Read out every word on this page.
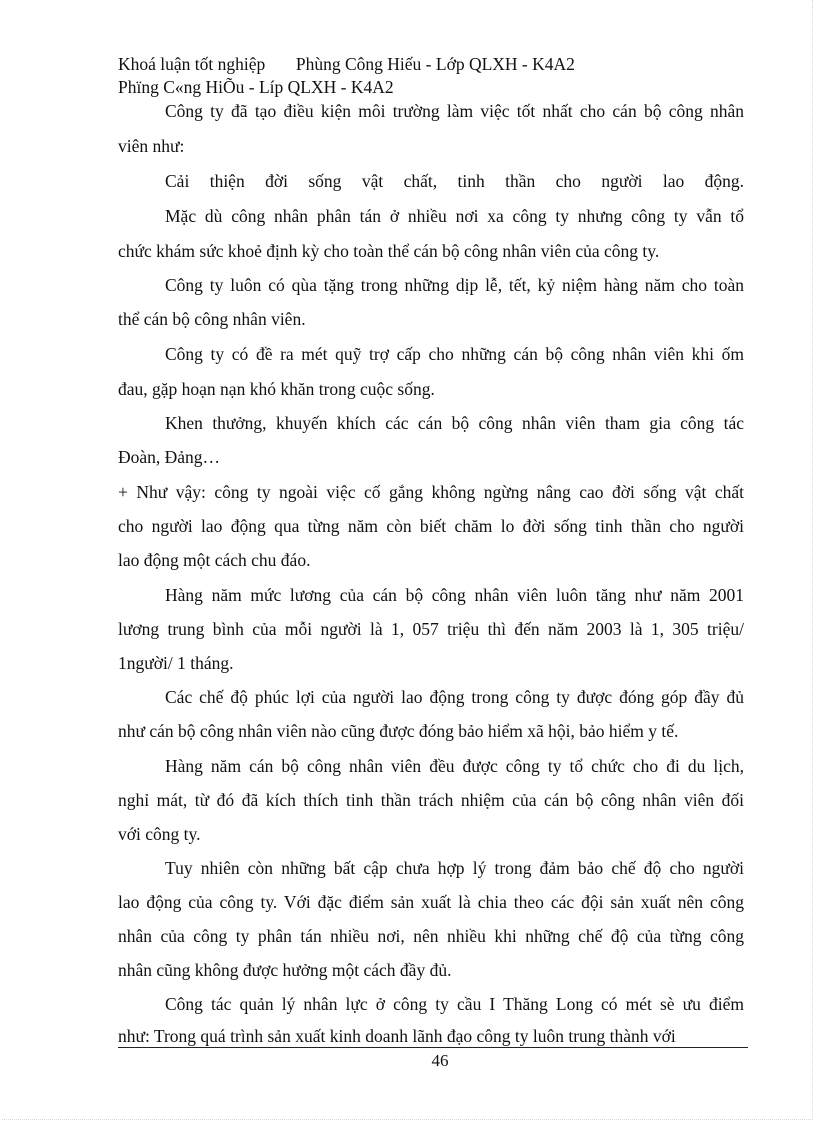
Khoá luận tốt nghiệp       Phùng Công Hiếu - Lớp QLXH - K4A2
Phïng C«ng HiÕu - Líp QLXH - K4A2
Công ty đã tạo điều kiện môi trường làm việc tốt nhất cho cán bộ công nhân
viên như:
Cải thiện đời sống vật chất, tinh thần cho người lao động.
Mặc dù công nhân phân tán ở nhiều nơi xa công ty nhưng công ty vẫn tổ
chức khám sức khoẻ định kỳ cho toàn thể cán bộ công nhân viên của công ty.
Công ty luôn có qùa tặng trong những dịp lễ, tết, kỷ niệm hàng năm cho toàn
thể cán bộ công nhân viên.
Công ty có đề ra mét quỹ trợ cấp cho những cán bộ công nhân viên khi ốm
đau, gặp hoạn nạn khó khăn trong cuộc sống.
Khen thưởng, khuyến khích các cán bộ công nhân viên tham gia công tác
Đoàn, Đảng…
+ Như vậy: công ty ngoài việc cố gắng không ngừng nâng cao đời sống vật chất
cho người lao động qua từng năm còn biết chăm lo đời sống tinh thần cho người
lao động một cách chu đáo.
Hàng năm mức lương của cán bộ công nhân viên luôn tăng như năm 2001
lương trung bình của mỗi người là 1, 057 triệu thì đến năm 2003 là 1, 305 triệu/
1người/ 1 tháng.
Các chế độ phúc lợi của người lao động trong công ty được đóng góp đầy đủ
như cán bộ công nhân viên nào cũng được đóng bảo hiểm xã hội, bảo hiểm y tế.
Hàng năm cán bộ công nhân viên đều được công ty tổ chức cho đi du lịch,
nghỉ mát, từ đó đã kích thích tinh thần trách nhiệm của cán bộ công nhân viên đối
với công ty.
Tuy nhiên còn những bất cập chưa hợp lý trong đảm bảo chế độ cho người
lao động của công ty. Với đặc điểm sản xuất là chia theo các đội sản xuất nên công
nhân của công ty phân tán nhiều nơi, nên nhiều khi những chế độ của từng công
nhân cũng không được hưởng một cách đầy đủ.
Công tác quản lý nhân lực ở công ty cầu I Thăng Long có mét sè ưu điểm
như: Trong quá trình sản xuất kinh doanh lãnh đạo công ty luôn trung thành với
46
